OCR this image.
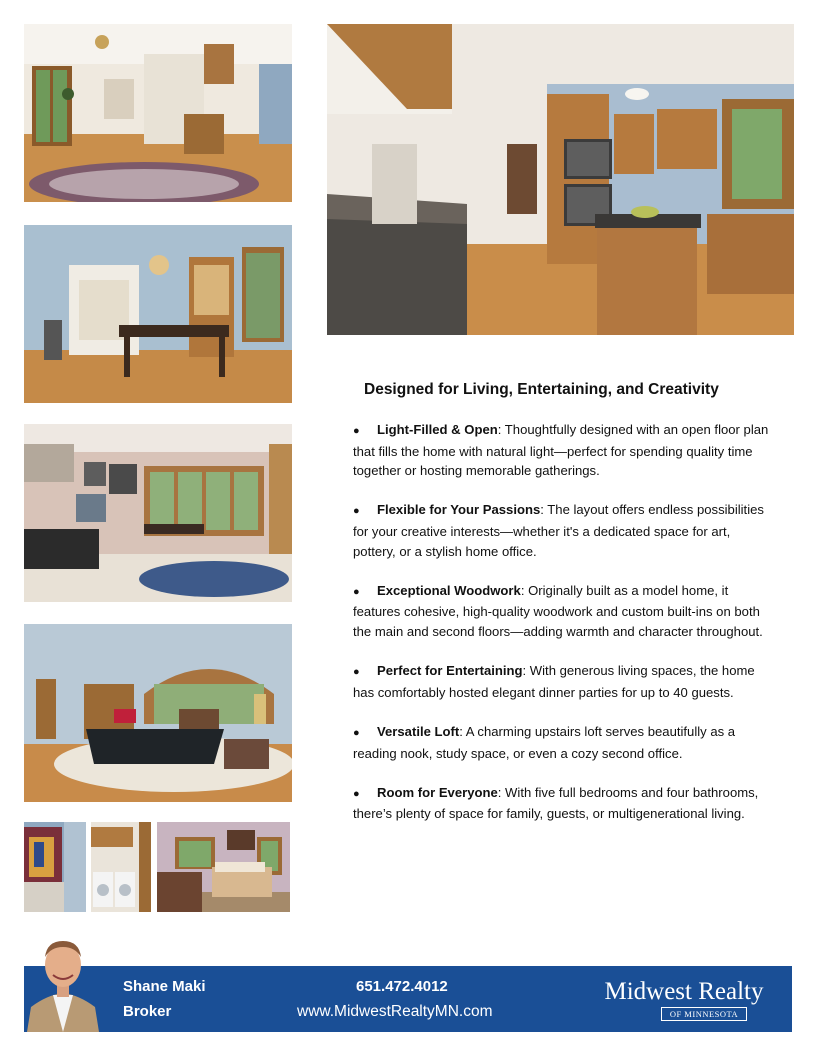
Designed for Living, Entertaining, and Creativity
● Light-Filled & Open: Thoughtfully designed with an open floor plan that fills the home with natural light—perfect for spending quality time together or hosting memorable gatherings.
● Flexible for Your Passions: The layout offers endless possibilities for your creative interests—whether it's a dedicated space for art, pottery, or a stylish home office.
● Exceptional Woodwork: Originally built as a model home, it features cohesive, high-quality woodwork and custom built-ins on both the main and second floors—adding warmth and character throughout.
● Perfect for Entertaining: With generous living spaces, the home has comfortably hosted elegant dinner parties for up to 40 guests.
● Versatile Loft: A charming upstairs loft serves beautifully as a reading nook, study space, or even a cozy second office.
● Room for Everyone: With five full bedrooms and four bathrooms, there’s plenty of space for family, guests, or multigenerational living.
Shane Maki
Broker
651.472.4012
www.MidwestRealtyMN.com
Midwest Realty
OF MINNESOTA
